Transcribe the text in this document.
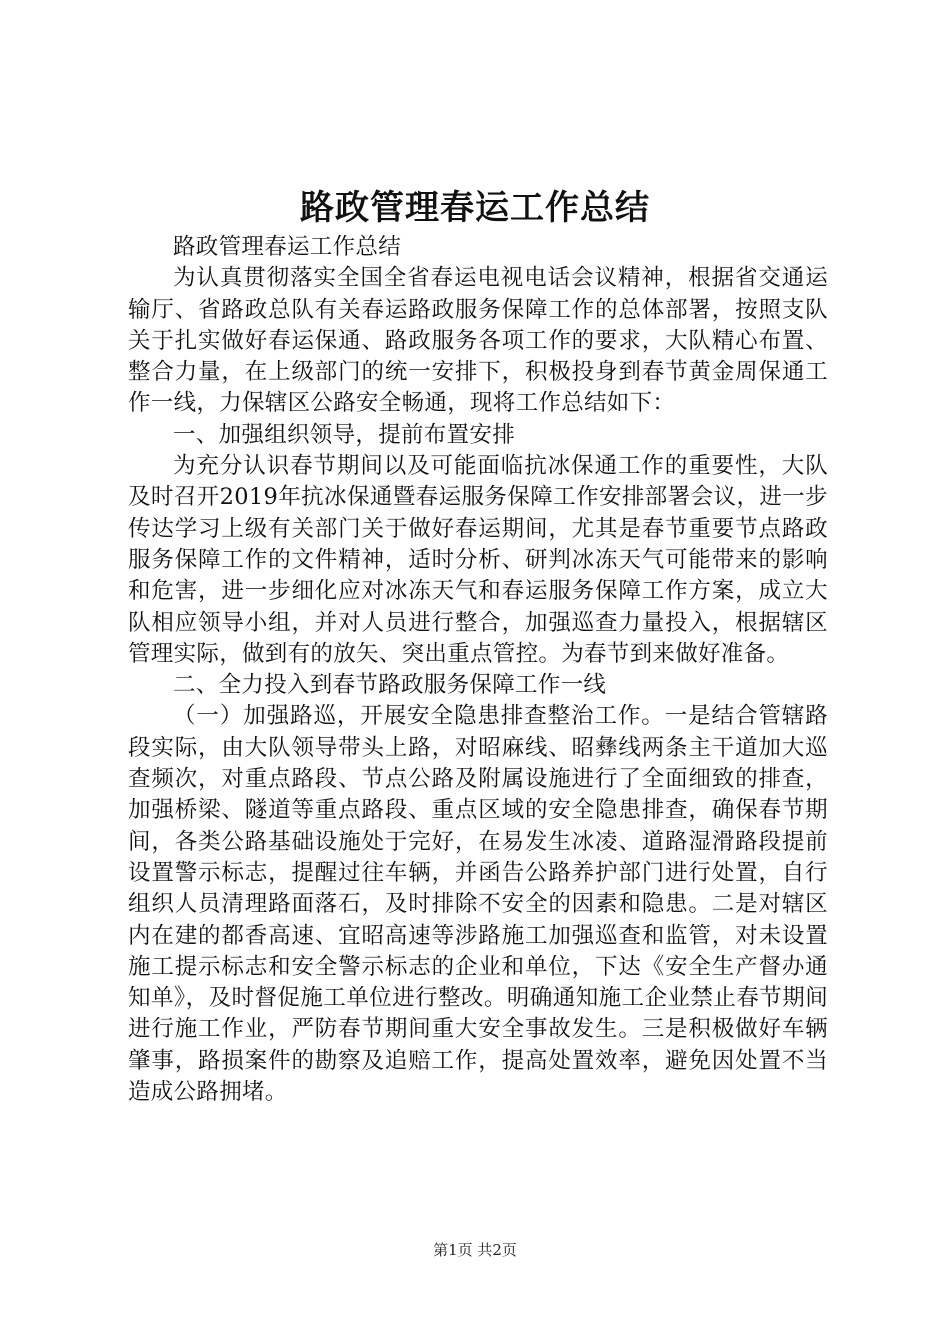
路政管理春运工作总结

路政管理春运工作总结

为认真贯彻落实全国全省春运电视电话会议精神，根据省交通运输厅、省路政总队有关春运路政服务保障工作的总体部署，按照支队关于扎实做好春运保通、路政服务各项工作的要求，大队精心布置、整合力量，在上级部门的统一安排下，积极投身到春节黄金周保通工作一线，力保辖区公路安全畅通，现将工作总结如下：

一、加强组织领导，提前布置安排

为充分认识春节期间以及可能面临抗冰保通工作的重要性，大队及时召开2019年抗冰保通暨春运服务保障工作安排部署会议，进一步传达学习上级有关部门关于做好春运期间，尤其是春节重要节点路政服务保障工作的文件精神，适时分析、研判冰冻天气可能带来的影响和危害，进一步细化应对冰冻天气和春运服务保障工作方案，成立大队相应领导小组，并对人员进行整合，加强巡查力量投入，根据辖区管理实际，做到有的放矢、突出重点管控。为春节到来做好准备。

二、全力投入到春节路政服务保障工作一线

（一）加强路巡，开展安全隐患排查整治工作。一是结合管辖路段实际，由大队领导带头上路，对昭麻线、昭彝线两条主干道加大巡查频次，对重点路段、节点公路及附属设施进行了全面细致的排查，加强桥梁、隧道等重点路段、重点区域的安全隐患排查，确保春节期间，各类公路基础设施处于完好，在易发生冰凌、道路湿滑路段提前设置警示标志，提醒过往车辆，并函告公路养护部门进行处置，自行组织人员清理路面落石，及时排除不安全的因素和隐患。二是对辖区内在建的都香高速、宜昭高速等涉路施工加强巡查和监管，对未设置施工提示标志和安全警示标志的企业和单位，下达《安全生产督办通知单》，及时督促施工单位进行整改。明确通知施工企业禁止春节期间进行施工作业，严防春节期间重大安全事故发生。三是积极做好车辆肇事，路损案件的勘察及追赔工作，提高处置效率，避免因处置不当造成公路拥堵。

第1页 共2页
